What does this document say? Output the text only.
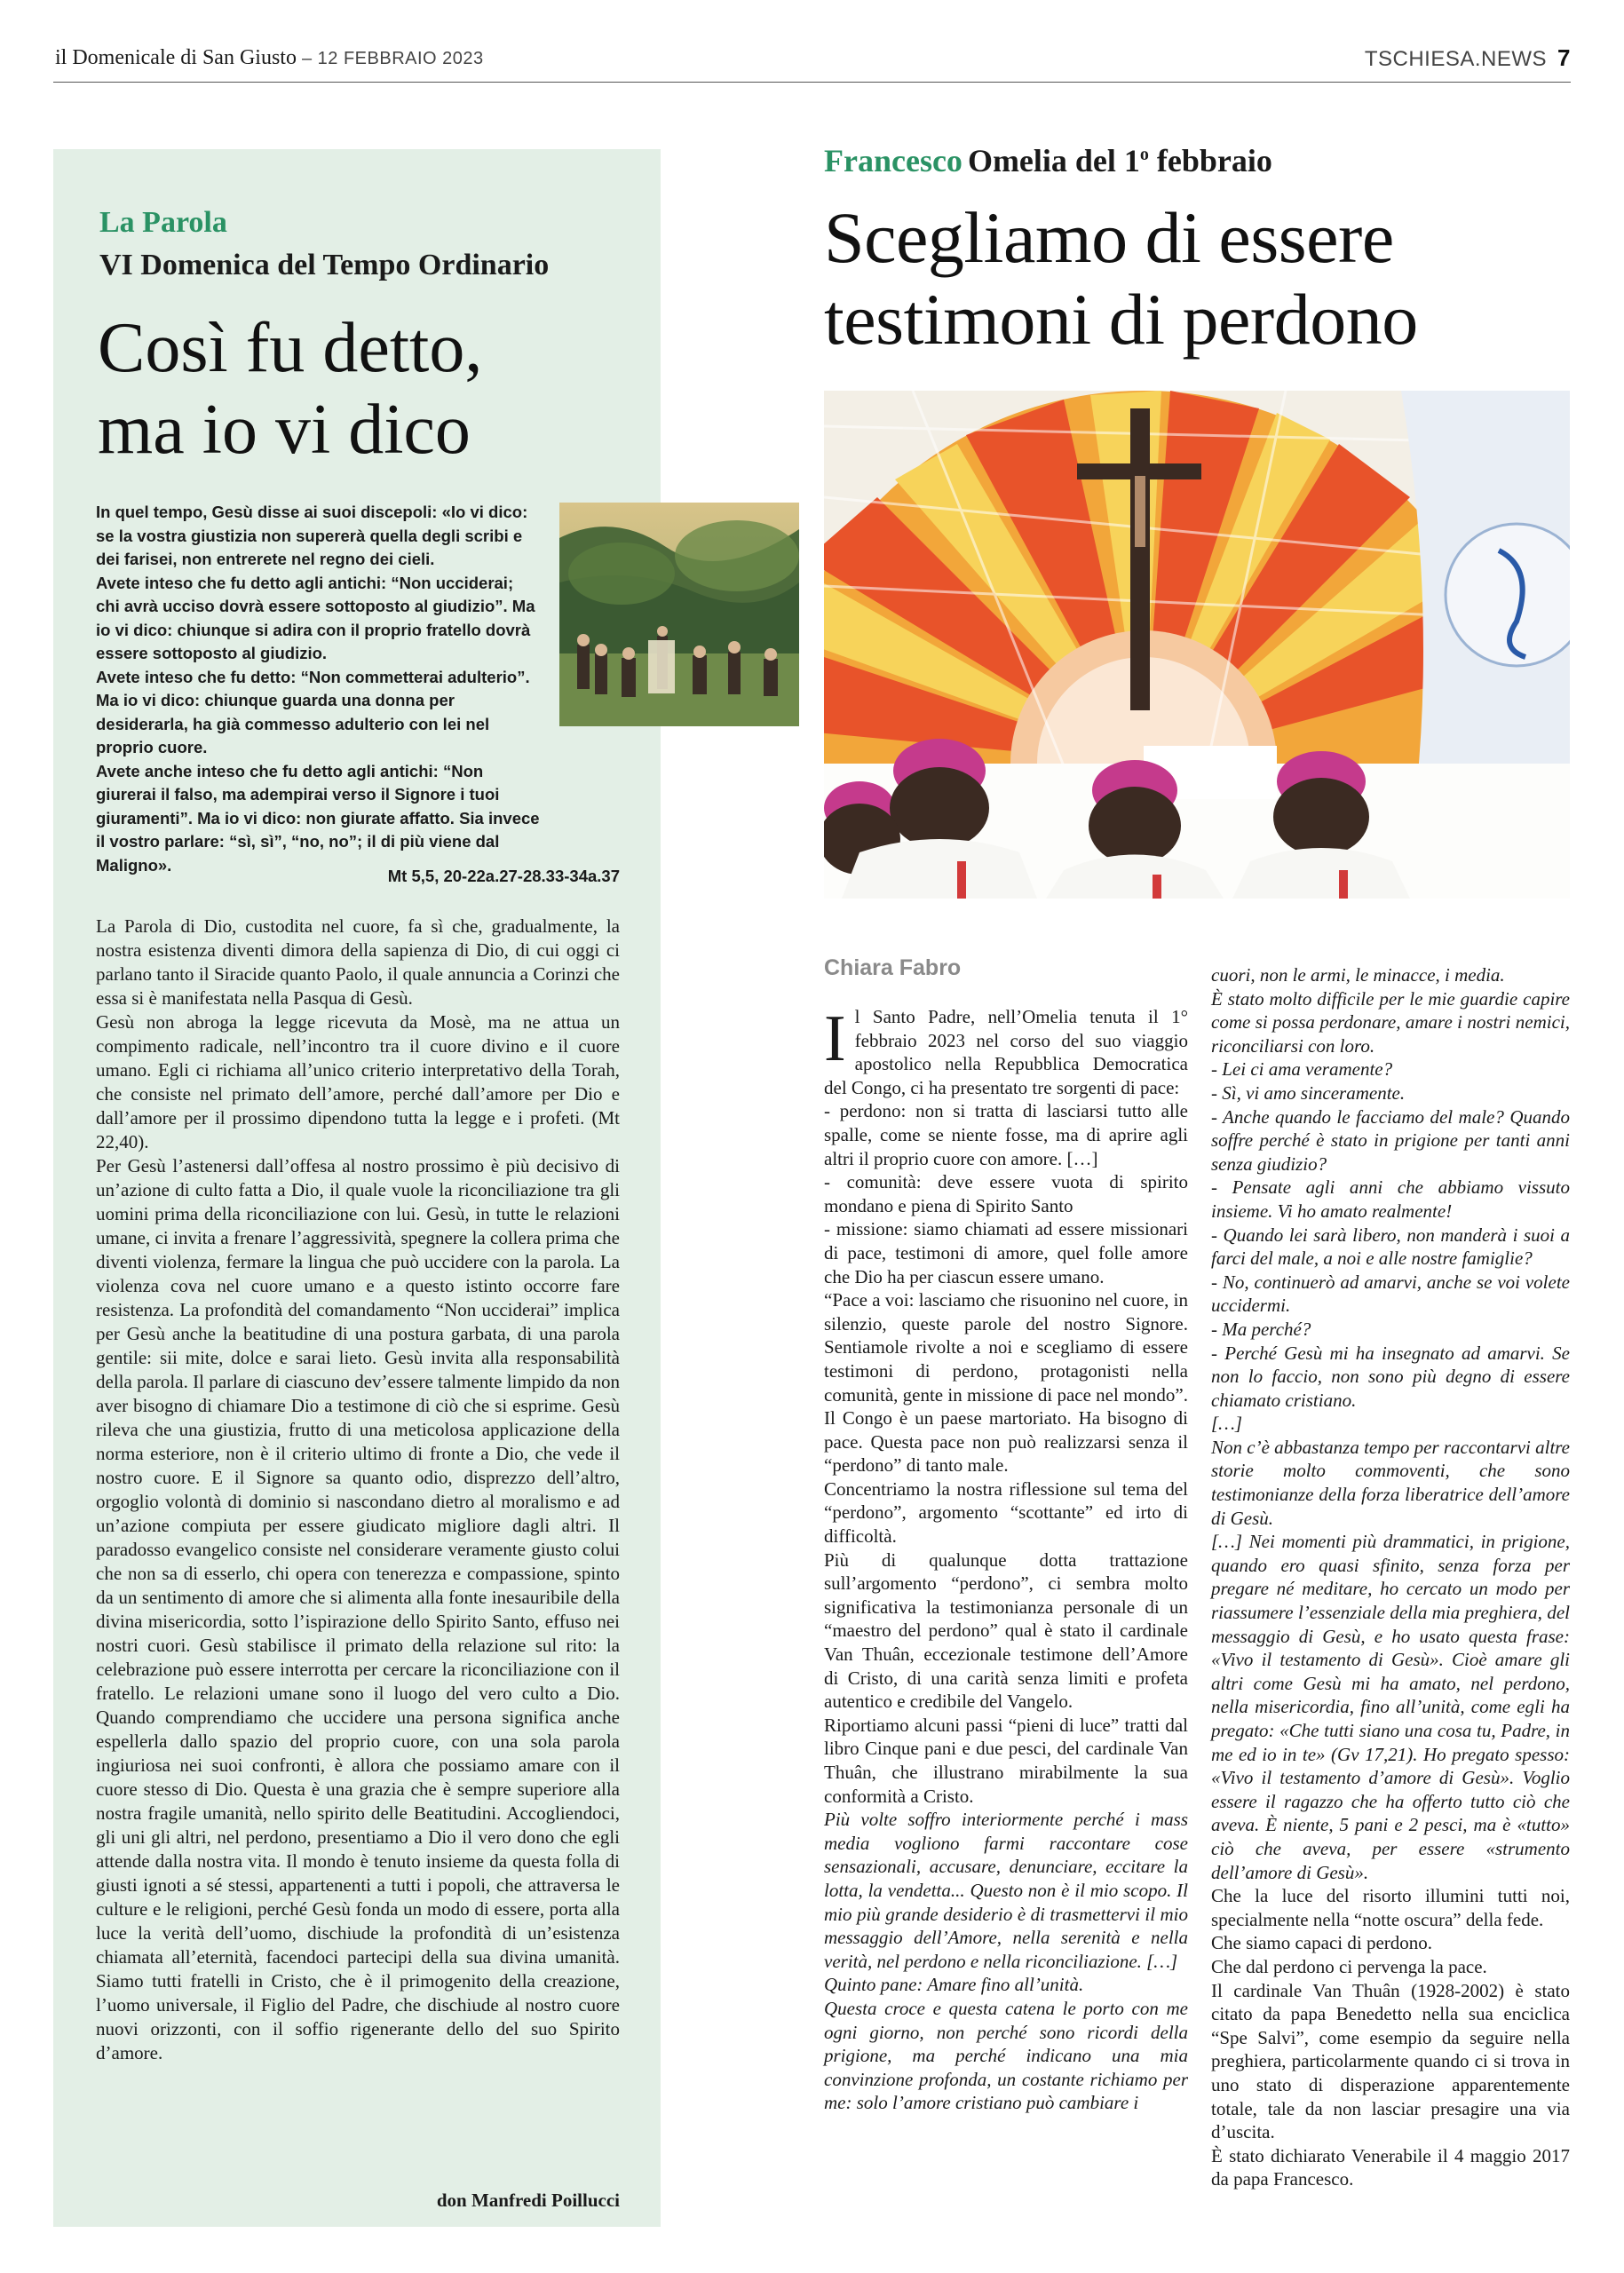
il Domenicale di San Giusto – 12 FEBBRAIO 2023	TSCHIESA.NEWS 7
La Parola
VI Domenica del Tempo Ordinario
Così fu detto,
ma io vi dico

In quel tempo, Gesù disse ai suoi discepoli: «Io vi dico: se la vostra giustizia non supererà quella degli scribi e dei farisei, non entrerete nel regno dei cieli.

Avete inteso che fu detto agli antichi: “Non ucciderai; chi avrà ucciso dovrà essere sottoposto al giudizio”. Ma io vi dico: chiunque si adira con il proprio fratello dovrà essere sottoposto al giudizio.

Avete inteso che fu detto: “Non commetterai adulterio”. Ma io vi dico: chiunque guarda una donna per desiderarla, ha già commesso adulterio con lei nel proprio cuore.

Avete anche inteso che fu detto agli antichi: “Non giurerai il falso, ma adempirai verso il Signore i tuoi giuramenti”. Ma io vi dico: non giurate affatto. Sia invece il vostro parlare: “sì, sì”, “no, no”; il di più viene dal Maligno».

Mt 5,5, 20-22a.27-28.33-34a.37

La Parola di Dio, custodita nel cuore, fa sì che, gradualmente, la nostra esistenza diventi dimora della sapienza di Dio, di cui oggi ci parlano tanto il Siracide quanto Paolo, il quale annuncia a Corinzi che essa si è manifestata nella Pasqua di Gesù.

Gesù non abroga la legge ricevuta da Mosè, ma ne attua un compimento radicale, nell’incontro tra il cuore divino e il cuore umano. Egli ci richiama all’unico criterio interpretativo della Torah, che consiste nel primato dell’amore, perché dall’amore per Dio e dall’amore per il prossimo dipendono tutta la legge e i profeti. (Mt 22,40).

Per Gesù l’astenersi dall’offesa al nostro prossimo è più decisivo di un’azione di culto fatta a Dio, il quale vuole la riconciliazione tra gli uomini prima della riconciliazione con lui. Gesù, in tutte le relazioni umane, ci invita a frenare l’aggressività, spegnere la collera prima che diventi violenza, fermare la lingua che può uccidere con la parola. La violenza cova nel cuore umano e a questo istinto occorre fare resistenza. La profondità del comandamento “Non ucciderai” implica per Gesù anche la beatitudine di una postura garbata, di una parola gentile: sii mite, dolce e sarai lieto. Gesù invita alla responsabilità della parola. Il parlare di ciascuno dev’essere talmente limpido da non aver bisogno di chiamare Dio a testimone di ciò che si esprime. Gesù rileva che una giustizia, frutto di una meticolosa applicazione della norma esteriore, non è il criterio ultimo di fronte a Dio, che vede il nostro cuore. E il Signore sa quanto odio, disprezzo dell’altro, orgoglio volontà di dominio si nascondano dietro al moralismo e ad un’azione compiuta per essere giudicato migliore dagli altri. Il paradosso evangelico consiste nel considerare veramente giusto colui che non sa di esserlo, chi opera con tenerezza e compassione, spinto da un sentimento di amore che si alimenta alla fonte inesauribile della divina misericordia, sotto l’ispirazione dello Spirito Santo, effuso nei nostri cuori. Gesù stabilisce il primato della relazione sul rito: la celebrazione può essere interrotta per cercare la riconciliazione con il fratello. Le relazioni umane sono il luogo del vero culto a Dio. Quando comprendiamo che uccidere una persona significa anche espellerla dallo spazio del proprio cuore, con una sola parola ingiuriosa nei suoi confronti, è allora che possiamo amare con il cuore stesso di Dio. Questa è una grazia che è sempre superiore alla nostra fragile umanità, nello spirito delle Beatitudini. Accogliendoci, gli uni gli altri, nel perdono, presentiamo a Dio il vero dono che egli attende dalla nostra vita. Il mondo è tenuto insieme da questa folla di giusti ignoti a sé stessi, appartenenti a tutti i popoli, che attraversa le culture e le religioni, perché Gesù fonda un modo di essere, porta alla luce la verità dell’uomo, dischiude la profondità di un’esistenza chiamata all’eternità, facendoci partecipi della sua divina umanità. Siamo tutti fratelli in Cristo, che è il primogenito della creazione, l’uomo universale, il Figlio del Padre, che dischiude al nostro cuore nuovi orizzonti, con il soffio rigenerante dello del suo Spirito d’amore.

don Manfredi Poillucci
Francesco Omelia del 1$^o$ febbraio
Scegliamo di essere
testimoni di perdono
Chiara Fabro

Il Santo Padre, nell’Omelia tenuta il 1° febbraio 2023 nel corso del suo viaggio apostolico nella Repubblica Democratica del Congo, ci ha presentato tre sorgenti di pace:

- perdono: non si tratta di lasciarsi tutto alle spalle, come se niente fosse, ma di aprire agli altri il proprio cuore con amore. […]

- comunità: deve essere vuota di spirito mondano e piena di Spirito Santo

- missione: siamo chiamati ad essere missionari di pace, testimoni di amore, quel folle amore che Dio ha per ciascun essere umano.

“Pace a voi: lasciamo che risuonino nel cuore, in silenzio, queste parole del nostro Signore. Sentiamole rivolte a noi e scegliamo di essere testimoni di perdono, protagonisti nella comunità, gente in missione di pace nel mondo”.

Il Congo è un paese martoriato. Ha bisogno di pace. Questa pace non può realizzarsi senza il “perdono” di tanto male.

Concentriamo la nostra riflessione sul tema del “perdono”, argomento “scottante” ed irto di difficoltà.

Più di qualunque dotta trattazione sull’argomento “perdono”, ci sembra molto significativa la testimonianza personale di un “maestro del perdono” qual è stato il cardinale Van Thuân, eccezionale testimone dell’Amore di Cristo, di una carità senza limiti e profeta autentico e credibile del Vangelo.

Riportiamo alcuni passi “pieni di luce” tratti dal libro Cinque pani e due pesci, del cardinale Van Thuân, che illustrano mirabilmente la sua conformità a Cristo.

Più volte soffro interiormente perché i mass media vogliono farmi raccontare cose sensazionali, accusare, denunciare, eccitare la lotta, la vendetta... Questo non è il mio scopo. Il mio più grande desiderio è di trasmettervi il mio messaggio dell’Amore, nella serenità e nella verità, nel perdono e nella riconciliazione. […]

Quinto pane: Amare fino all’unità.

Questa croce e questa catena le porto con me ogni giorno, non perché sono ricordi della prigione, ma perché indicano una mia convinzione profonda, un costante richiamo per me: solo l’amore cristiano può cambiare i

cuori, non le armi, le minacce, i media.

È stato molto difficile per le mie guardie capire come si possa perdonare, amare i nostri nemici, riconciliarsi con loro.

- Lei ci ama veramente?

- Sì, vi amo sinceramente.

- Anche quando le facciamo del male? Quando soffre perché è stato in prigione per tanti anni senza giudizio?

- Pensate agli anni che abbiamo vissuto insieme. Vi ho amato realmente!

- Quando lei sarà libero, non manderà i suoi a farci del male, a noi e alle nostre famiglie?

- No, continuerò ad amarvi, anche se voi volete uccidermi.

- Ma perché?

- Perché Gesù mi ha insegnato ad amarvi. Se non lo faccio, non sono più degno di essere chiamato cristiano.

[…]

Non c’è abbastanza tempo per raccontarvi altre storie molto commoventi, che sono testimonianze della forza liberatrice dell’amore di Gesù.

[…] Nei momenti più drammatici, in prigione, quando ero quasi sfinito, senza forza per pregare né meditare, ho cercato un modo per riassumere l’essenziale della mia preghiera, del messaggio di Gesù, e ho usato questa frase: «Vivo il testamento di Gesù». Cioè amare gli altri come Gesù mi ha amato, nel perdono, nella misericordia, fino all’unità, come egli ha pregato: «Che tutti siano una cosa tu, Padre, in me ed io in te» (Gv 17,21). Ho pregato spesso: «Vivo il testamento d’amore di Gesù». Voglio essere il ragazzo che ha offerto tutto ciò che aveva. È niente, 5 pani e 2 pesci, ma è «tutto» ciò che aveva, per essere «strumento dell’amore di Gesù».

Che la luce del risorto illumini tutti noi, specialmente nella “notte oscura” della fede.

Che siamo capaci di perdono.

Che dal perdono ci pervenga la pace.

Il cardinale Van Thuân (1928-2002) è stato citato da papa Benedetto nella sua enciclica “Spe Salvi”, come esempio da seguire nella preghiera, particolarmente quando ci si trova in uno stato di disperazione apparentemente totale, tale da non lasciar presagire una via d’uscita.

È stato dichiarato Venerabile il 4 maggio 2017 da papa Francesco.
